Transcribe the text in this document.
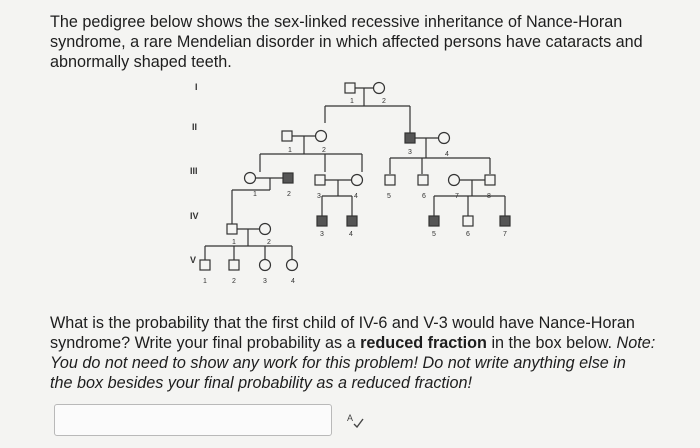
The pedigree below shows the sex-linked recessive inheritance of Nance-Horan
syndrome, a rare Mendelian disorder in which affected persons have cataracts and
abnormally shaped teeth.
I
II
III
IV
V
1	2
1	2	3	4
1	2	3	4	5	6	7	8
1	2
3	4	5	6	7
1	2	3	4
What is the probability that the first child of IV-6 and V-3 would have Nance-Horan
syndrome? Write your final probability as a reduced fraction in the box below. Note:
You do not need to show any work for this problem! Do not write anything else in
the box besides your final probability as a reduced fraction!
A
